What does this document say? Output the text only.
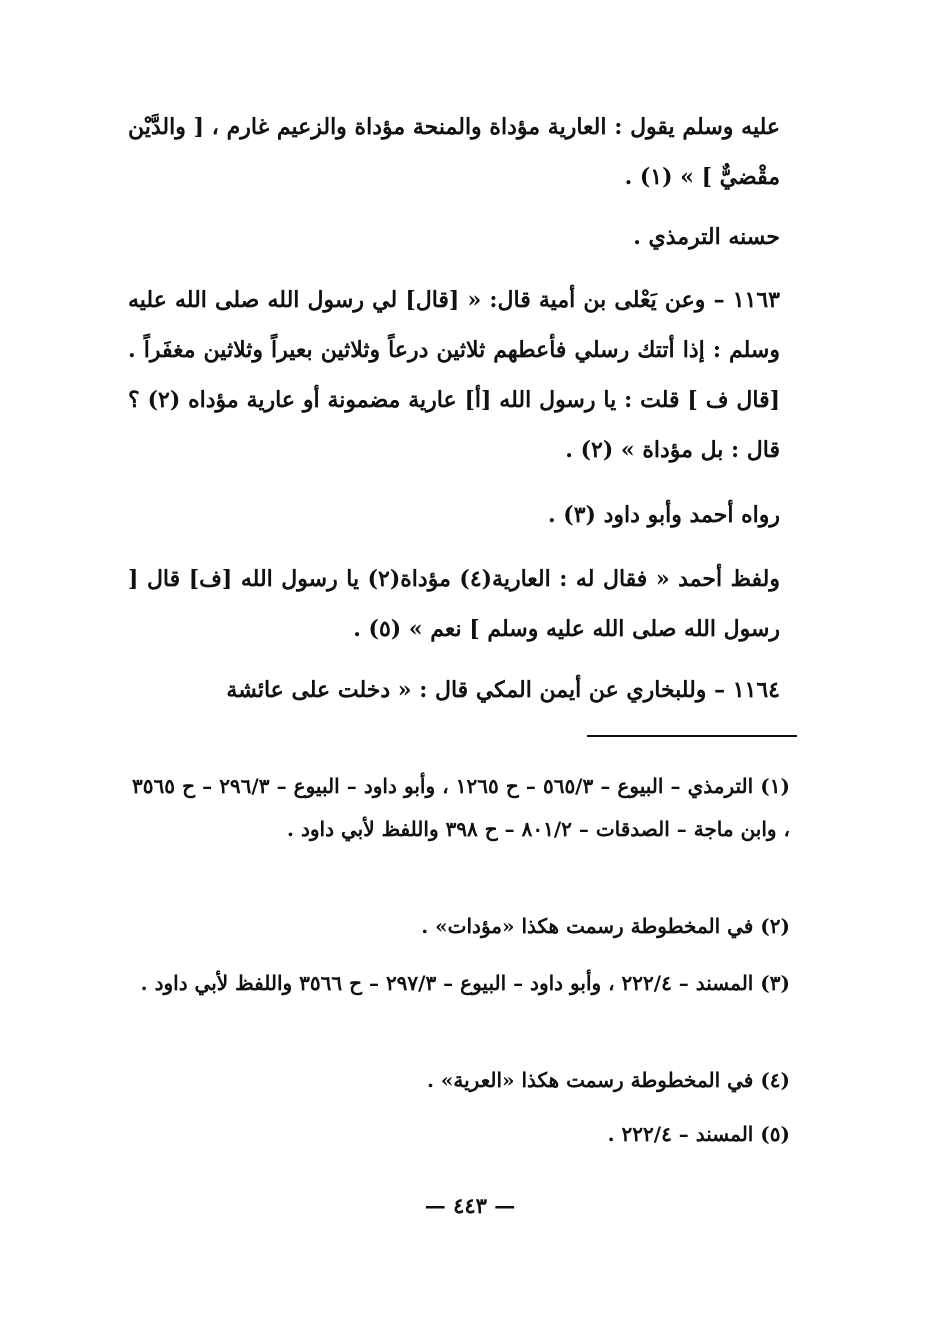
عليه وسلم يقول : العارية مؤداة والمنحة مؤداة والزعيم غارم ، [ والدَّيْن مقْضيٌّ ] » (١) .

حسنه الترمذي .

١١٦٣ – وعن يَعْلى بن أمية قال: « [قال] لي رسول الله صلى الله عليه وسلم : إذا أتتك رسلي فأعطهم ثلاثين درعاً وثلاثين بعيراً وثلاثين مغفَراً . [قال ف ] قلت : يا رسول الله [أ] عارية مضمونة أو عارية مؤداه (٢) ؟ قال : بل مؤداة » (٢) .

رواه أحمد وأبو داود (٣) .

ولفظ أحمد « فقال له : العارية(٤) مؤداة(٢) يا رسول الله [ف] قال [ رسول الله صلى الله عليه وسلم ] نعم » (٥) .

١١٦٤ – وللبخاري عن أيمن المكي قال : « دخلت على عائشة

(١) الترمذي – البيوع – ٥٦٥/٣ – ح ١٢٦٥ ، وأبو داود – البيوع – ٢٩٦/٣ – ح ٣٥٦٥ ، وابن ماجة – الصدقات – ٨٠١/٢ – ح ٣٩٨ واللفظ لأبي داود .

(٢) في المخطوطة رسمت هكذا «مؤدات» .

(٣) المسند – ٢٢٢/٤ ، وأبو داود – البيوع – ٢٩٧/٣ – ح ٣٥٦٦ واللفظ لأبي داود .

(٤) في المخطوطة رسمت هكذا «العرية» .

(٥) المسند – ٢٢٢/٤ .

— ٤٤٣ —
